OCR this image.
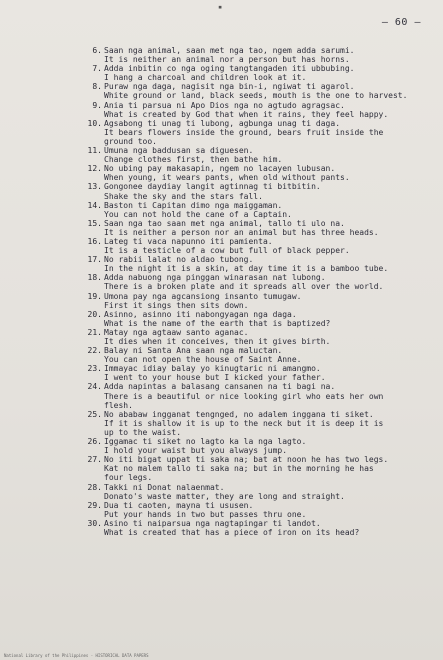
▪
– 60 –
6. Saan nga animal, saan met nga tao, ngem adda sarumi.
It is neither an animal nor a person but has horns.
7. Adda inbitin co nga oging tangtangaden iti ubbubing.
I hang a charcoal and children look at it.
8. Puraw nga daga, nagisit nga bin-i, ngiwat ti agarol.
White ground or land, black seeds, mouth is the one to harvest.
9. Ania ti parsua ni Apo Dios nga no agtudo agragsac.
What is created by God that when it rains, they feel happy.
10. Agsabong ti unag ti lubong, agbunga unag ti daga.
It bears flowers inside the ground, bears fruit inside the
ground too.
11. Umuna nga baddusan sa diguesen.
Change clothes first, then bathe him.
12. No ubing pay makasapin, ngem no lacayen lubusan.
When young, it wears pants, when old without pants.
13. Gongonee daydiay langit agtinnag ti bitbitin.
Shake the sky and the stars fall.
14. Baston ti Capitan dimo nga maiggaman.
You can not hold the cane of a Captain.
15. Saan nga tao saan met nga animal, tallo ti ulo na.
It is neither a person nor an animal but has three heads.
16. Lateg ti vaca napunno iti pamienta.
It is a testicle of a cow but full of black pepper.
17. No rabii lalat no aldao tubong.
In the night it is a skin, at day time it is a bamboo tube.
18. Adda nabuong nga pinggan winarasan nat lubong.
There is a broken plate and it spreads all over the world.
19. Umona pay nga agcansiong insanto tumugaw.
First it sings then sits down.
20. Asinno, asinno iti nabongyagan nga daga.
What is the name of the earth that is baptized?
21. Matay nga agtaaw santo aganac.
It dies when it conceives, then it gives birth.
22. Balay ni Santa Ana saan nga maluctan.
You can not open the house of Saint Anne.
23. Immayac idiay balay yo kinugtaric ni amangmo.
I went to your house but I kicked your father.
24. Adda napintas a balasang cansanen na ti bagi na.
There is a beautiful or nice looking girl who eats her own
flesh.
25. No ababaw ingganat tengnged, no adalem inggana ti siket.
If it is shallow it is up to the neck but it is deep it is
up to the waist.
26. Iggamac ti siket no lagto ka la nga lagto.
I hold your waist but you always jump.
27. No iti bigat uppat ti saka na; bat at noon he has two legs.
Kat no malem tallo ti saka na; but in the morning he has
four legs.
28. Takki ni Donat nalaenmat.
Donato's waste matter, they are long and straight.
29. Dua ti caoten, mayna ti ususen.
Put your hands in two but passes thru one.
30. Asino ti naiparsua nga nagtapingar ti landot.
What is created that has a piece of iron on its head?
National Library of the Philippines · HISTORICAL DATA PAPERS
